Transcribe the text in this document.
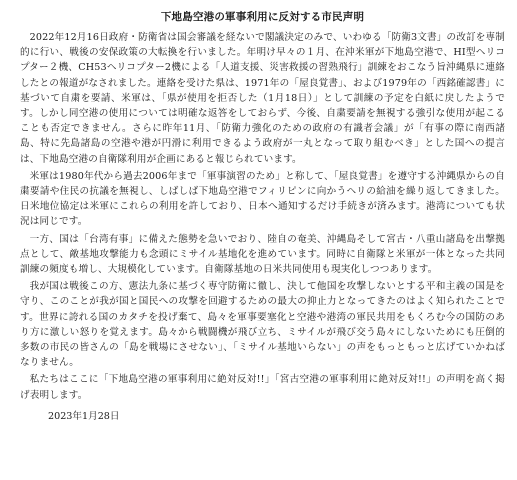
下地島空港の軍事利用に反対する市民声明

2022年12月16日政府・防衛省は国会審議を経ないで閣議決定のみで、いわゆる「防衛3文書」の改訂を専制的に行い、戦後の安保政策の大転換を行いました。年明け早々の１月、在沖米軍が下地島空港で、HI型ヘリコプター２機、CH53ヘリコプター2機による「人道支援、災害救援の習熟飛行」訓練をおこなう旨沖縄県に連絡したとの報道がなされました。連絡を受けた県は、1971年の「屋良覚書」、および1979年の「西銘確認書」に基づいて自粛を要請、米軍は、「県が使用を拒否した（1月18日）」として訓練の予定を白紙に戻したようです。しかし同空港の使用については明確な返答をしておらず、今後、自粛要請を無視する強引な使用が起こることも否定できません。さらに昨年11月、「防衛力強化のための政府の有識者会議」が「有事の際に南西諸島、特に先島諸島の空港や港が円滑に利用できるよう政府が一丸となって取り組むべき」とした国への提言は、下地島空港の自衛隊利用が企画にあると報じられています。

米軍は1980年代から過去2006年まで「軍事演習のため」と称して、「屋良覚書」を遵守する沖縄県からの自粛要請や住民の抗議を無視し、しばしば下地島空港でフィリピンに向かうヘリの給油を繰り返してきました。日米地位協定は米軍にこれらの利用を許しており、日本へ通知するだけ手続きが済みます。港湾についても状況は同じです。

一方、国は「台湾有事」に備えた態勢を急いでおり、陸自の奄美、沖縄島そして宮古・八重山諸島を出撃拠点として、敵基地攻撃能力も念頭にミサイル基地化を進めています。同時に自衛隊と米軍が一体となった共同訓練の頻度も増し、大規模化しています。自衛隊基地の日米共同使用も現実化しつつあります。

我が国は戦後この方、憲法九条に基づく専守防衛に徹し、決して他国を攻撃しないとする平和主義の国是を守り、このことが我が国と国民への攻撃を回避するための最大の抑止力となってきたのはよく知られたことです。世界に誇れる国のカタチを投げ棄て、島々を軍事要塞化と空港や港湾の軍民共用をもくろむ今の国防のあり方に激しい怒りを覚えます。島々から戦闘機が飛び立ち、ミサイルが飛び交う島々にしないためにも圧倒的多数の市民の皆さんの「島を戦場にさせない」、「ミサイル基地いらない」の声をもっともっと広げていかねばなりません。

私たちはここに「下地島空港の軍事利用に絶対反対!!」「宮古空港の軍事利用に絶対反対!!」の声明を高く掲げ表明します。

2023年1月28日
